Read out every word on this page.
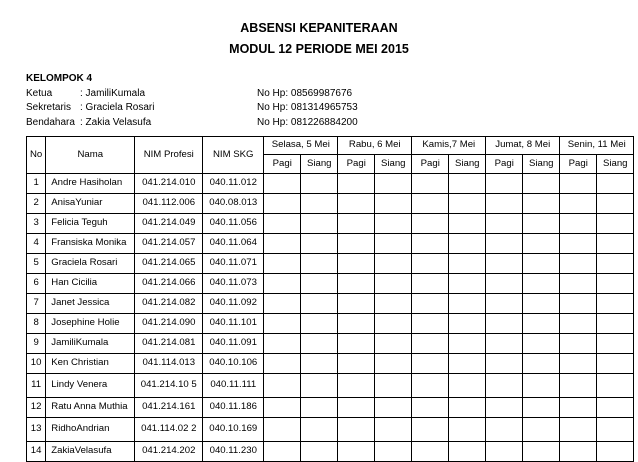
ABSENSI KEPANITERAAN
MODUL 12 PERIODE MEI 2015
KELOMPOK 4
Ketua	: JamiliKumala	No Hp: 08569987676
Sekretaris : Graciela Rosari	No Hp: 081314965753
Bendahara : Zakia Velasufa	No Hp: 081226884200
No	Nama	NIM Profesi	NIM SKG	Selasa, 5 Mei		Rabu, 6 Mei		Kamis,7 Mei		Jumat, 8 Mei		Senin, 11 Mei	
				Pagi	Siang	Pagi	Siang	Pagi	Siang	Pagi	Siang	Pagi	Siang
1	Andre Hasiholan	041.214.010	040.11.012										
2	AnisaYuniar	041.112.006	040.08.013										
3	Felicia Teguh	041.214.049	040.11.056										
4	Fransiska Monika	041.214.057	040.11.064										
5	Graciela Rosari	041.214.065	040.11.071										
6	Han Cicilia	041.214.066	040.11.073										
7	Janet Jessica	041.214.082	040.11.092										
8	Josephine Holie	041.214.090	040.11.101										
9	JamiliKumala	041.214.081	040.11.091										
10	Ken Christian	041.114.013	040.10.106										
11	Lindy Venera	041.214.10 5	040.11.111										
12	Ratu Anna Muthia	041.214.161	040.11.186										
13	RidhoAndrian	041.114.02 2	040.10.169										
14	ZakiaVelasufa	041.214.202	040.11.230										
